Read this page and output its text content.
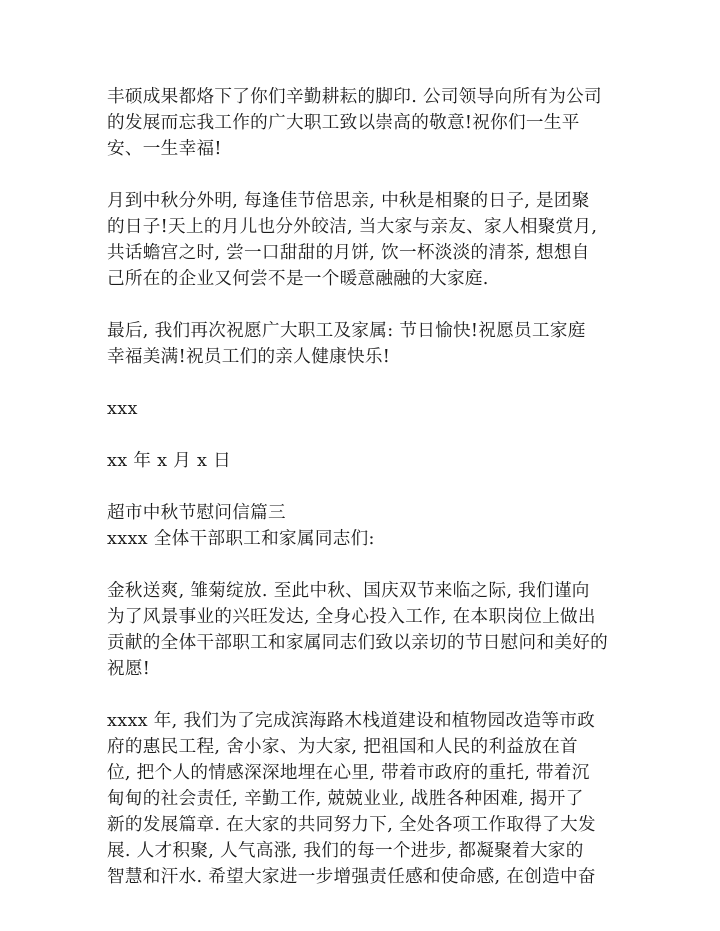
丰硕成果都烙下了你们辛勤耕耘的脚印. 公司领导向所有为公司
的发展而忘我工作的广大职工致以崇高的敬意!祝你们一生平
安、一生幸福!

月到中秋分外明, 每逢佳节倍思亲, 中秋是相聚的日子, 是团聚
的日子!天上的月儿也分外皎洁, 当大家与亲友、家人相聚赏月,
共话蟾宫之时, 尝一口甜甜的月饼, 饮一杯淡淡的清茶, 想想自
己所在的企业又何尝不是一个暖意融融的大家庭.

最后, 我们再次祝愿广大职工及家属: 节日愉快!祝愿员工家庭
幸福美满!祝员工们的亲人健康快乐!

xxx

xx 年 x 月 x 日

超市中秋节慰问信篇三

xxxx 全体干部职工和家属同志们:

金秋送爽, 雏菊绽放. 至此中秋、国庆双节来临之际, 我们谨向
为了风景事业的兴旺发达, 全身心投入工作, 在本职岗位上做出
贡献的全体干部职工和家属同志们致以亲切的节日慰问和美好的
祝愿!

xxxx 年, 我们为了完成滨海路木栈道建设和植物园改造等市政
府的惠民工程, 舍小家、为大家, 把祖国和人民的利益放在首
位, 把个人的情感深深地埋在心里, 带着市政府的重托, 带着沉
甸甸的社会责任, 辛勤工作, 兢兢业业, 战胜各种困难, 揭开了
新的发展篇章. 在大家的共同努力下, 全处各项工作取得了大发
展. 人才积聚, 人气高涨, 我们的每一个进步, 都凝聚着大家的
智慧和汗水. 希望大家进一步增强责任感和使命感, 在创造中奋
